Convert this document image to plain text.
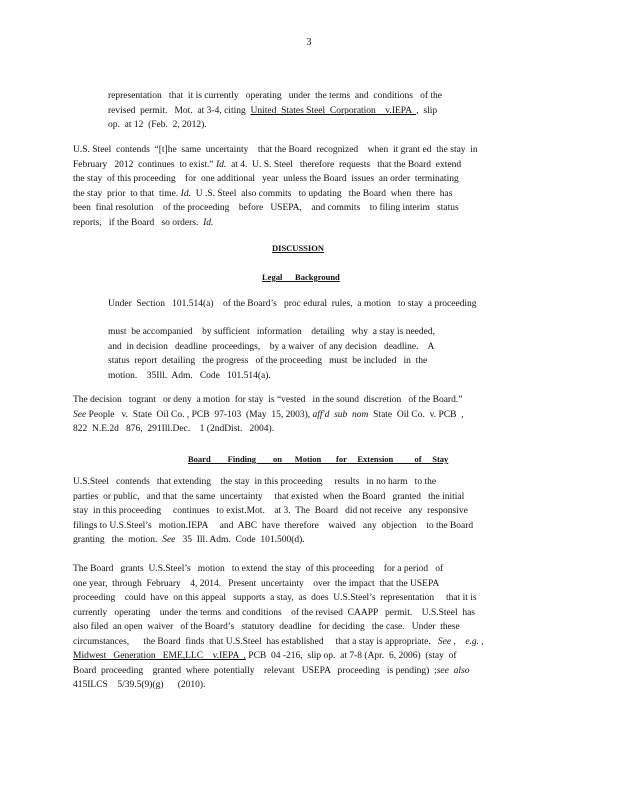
3
representation   that  it is currently   operating   under  the terms  and  conditions   of the
revised  permit.   Mot.  at 3-4, citing  United  States Steel  Corporation    v.IEPA  ,  slip
op.  at 12  (Feb.  2, 2012).
U.S. Steel  contends  “[t]he  same  uncertainty    that the Board  recognized    when  it grant ed  the stay  in
February   2012  continues  to exist.” Id.  at 4.  U. S. Steel   therefore  requests   that the Board  extend
the stay  of this proceeding    for  one additional   year  unless the Board  issues  an order  terminating
the stay  prior  to that  time. Id.  U .S. Steel  also commits   to updating   the Board  when  there  has
been  final resolution    of the proceeding    before   USEPA,    and commits    to filing interim   status
reports,   if the Board   so orders.  Id.
DISCUSSION
Legal      Background
Under  Section   101.514(a)    of the Board’s   proc edural  rules,  a motion   to stay  a proceeding
must  be accompanied    by sufficient   information    detailing   why  a stay is needed,
and  in decision   deadline  proceedings,    by a waiver  of any decision   deadline.    A
status  report  detailing   the progress   of the proceeding   must  be included   in  the
motion.    35Ill.  Adm.   Code   101.514(a).
The decision   togrant   or deny  a motion  for stay  is “vested   in the sound  discretion   of the Board.”
See People   v.  State  Oil Co. , PCB  97-103  (May  15, 2003), aff'd  sub  nom  State  Oil Co.  v. PCB  ,
822  N.E.2d   876,  291Ill.Dec.    1 (2ndDist.   2004).
Board        Finding        on      Motion       for     Extension          of     Stay
U.S.Steel   contends   that extending    the stay  in this proceeding     results   in no harm   to the
parties  or public,   and that  the same  uncertainty     that existed  when  the Board   granted   the initial
stay  in this proceeding     continues   to exist.Mot.    at 3.  The  Board   did not receive   any  responsive
filings to U.S.Steel’s   motion.IEPA     and  ABC  have  therefore    waived   any  objection    to the Board
granting   the  motion.  See   35  Ill. Adm.  Code  101.500(d).
The Board   grants  U.S.Steel’s   motion   to extend  the stay  of this proceeding    for a period   of
one year,  through  February    4, 2014.   Present  uncertainty    over  the impact  that the USEPA
proceeding    could  have  on this appeal   supports  a stay,  as  does  U.S.Steel’s  representation     that it is
currently   operating    under  the terms  and conditions    of the revised  CAAPP   permit.    U.S.Steel  has
also filed  an open  waiver   of the Board’s   statutory  deadline   for deciding   the case.   Under  these
circumstances,      the Board  finds  that U.S.Steel  has established     that a stay is appropriate.   See ,    e.g. ,
Midwest   Generation   EME,LLC    v.IEPA  , PCB  04 -216,  slip op.  at 7-8 (Apr.  6, 2006)  (stay  of
Board  proceeding    granted  where  potentially    relevant   USEPA   proceeding   is pending)  ;see  also
415ILCS    5/39.5(9)(g)      (2010).
